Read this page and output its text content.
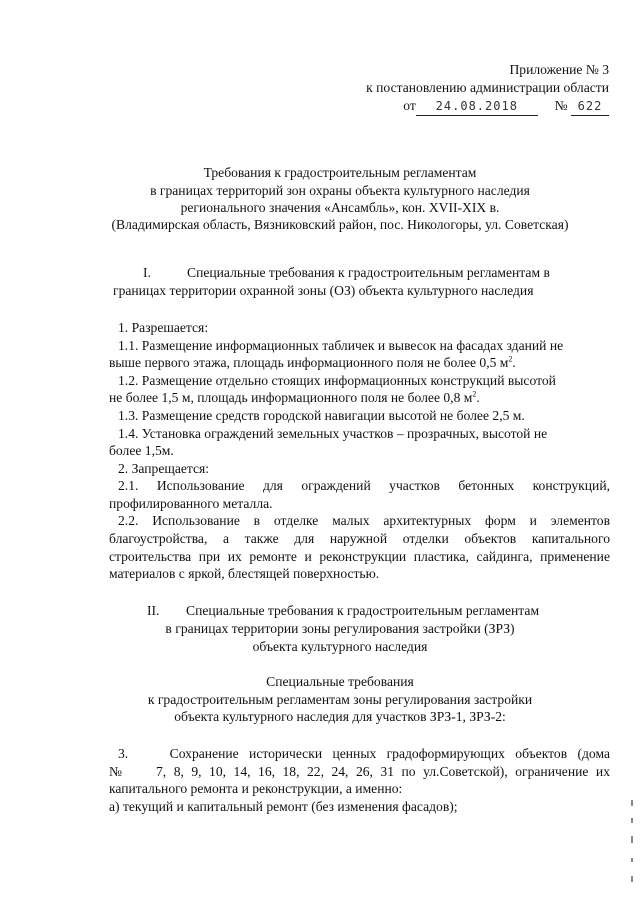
Приложение № 3
к постановлению администрации области
от 24.08.2018	№ 622
Требования к градостроительным регламентам
в границах территорий зон охраны объекта культурного наследия
регионального значения «Ансамбль», кон. XVII-XIX в.
(Владимирская область, Вязниковский район, пос. Никологоры, ул. Советская)
I.	Специальные требования к градостроительным регламентам в
границах территории охранной зоны (ОЗ) объекта культурного наследия
1. Разрешается:
1.1. Размещение информационных табличек и вывесок на фасадах зданий не
выше первого этажа, площадь информационного поля не более 0,5 $м^2$.
1.2. Размещение отдельно стоящих информационных конструкций высотой
не более 1,5 м, площадь информационного поля не более 0,8 $м^2$.
1.3. Размещение средств городской навигации высотой не более 2,5 м.
1.4. Установка ограждений земельных участков – прозрачных, высотой не
более 1,5м.
2. Запрещается:
2.1. Использование для ограждений участков бетонных конструкций,
профилированного металла.
2.2. Использование в отделке малых архитектурных форм и элементов
благоустройства, а также для наружной отделки объектов капитального
строительства при их ремонте и реконструкции пластика, сайдинга, применение
материалов с яркой, блестящей поверхностью.
II. Специальные требования к градостроительным регламентам
в границах территории зоны регулирования застройки (ЗРЗ)
объекта культурного наследия
Специальные требования
к градостроительным регламентам зоны регулирования застройки
объекта культурного наследия для участков ЗРЗ-1, ЗРЗ-2:
3.    Сохранение исторически ценных градоформирующих объектов (дома
№    7, 8, 9, 10, 14, 16, 18, 22, 24, 26, 31 по ул.Советской), ограничение их
капитального ремонта и реконструкции, а именно:
а) текущий и капитальный ремонт (без изменения фасадов);
